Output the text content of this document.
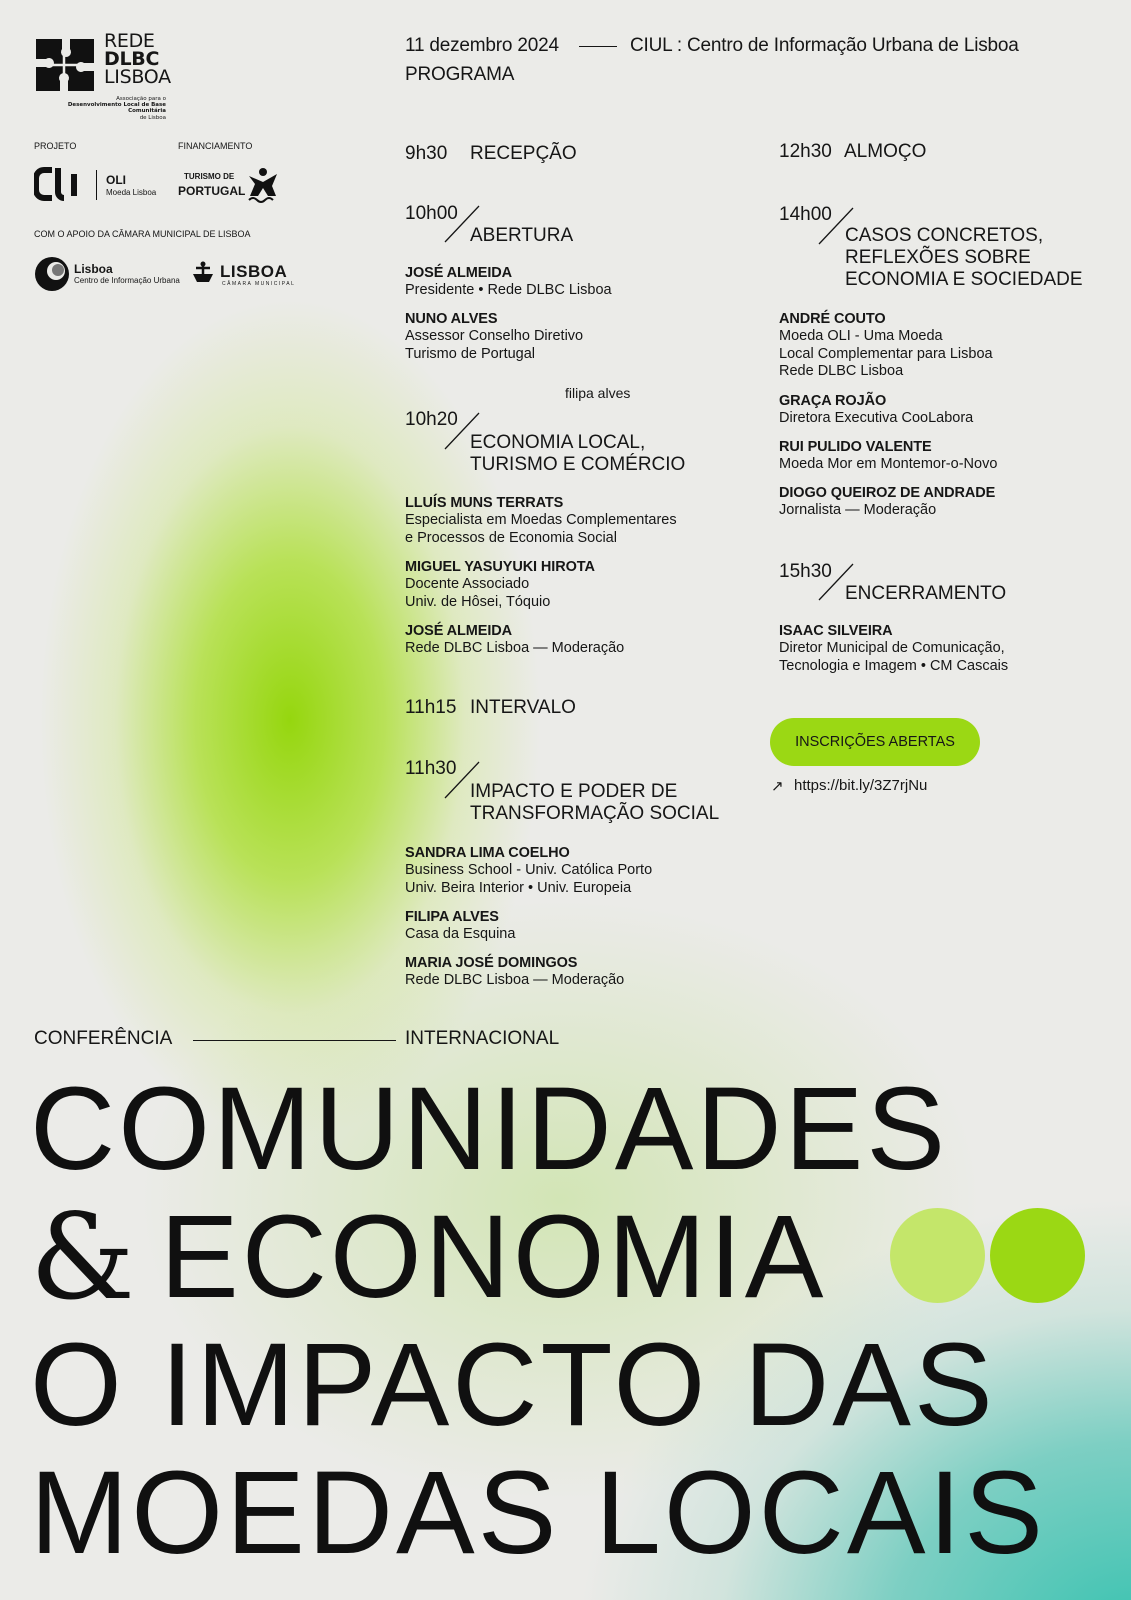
REDE
DLBC
LISBOA
Associação para o
Desenvolvimento Local de Base Comunitária
de Lisboa
PROJETO	FINANCIAMENTO
OLI
Moeda Lisboa
TURISMO DE
PORTUGAL
COM O APOIO DA CÂMARA MUNICIPAL DE LISBOA
Lisboa
Centro de Informação Urbana LISBOA
CÂMARA MUNICIPAL
11 dezembro 2024	CIUL : Centro de Informação Urbana de Lisboa
PROGRAMA
9h30 RECEPÇÃO
10h00
ABERTURA
JOSÉ ALMEIDA
Presidente • Rede DLBC Lisboa
NUNO ALVES
Assessor Conselho Diretivo
Turismo de Portugal
filipa alves
10h20
ECONOMIA LOCAL,
TURISMO E COMÉRCIO
LLUÍS MUNS TERRATS
Especialista em Moedas Complementares
e Processos de Economia Social
MIGUEL YASUYUKI HIROTA
Docente Associado
Univ. de Hôsei, Tóquio
JOSÉ ALMEIDA
Rede DLBC Lisboa — Moderação
11h15 INTERVALO
11h30
IMPACTO E PODER DE
TRANSFORMAÇÃO SOCIAL
SANDRA LIMA COELHO
Business School - Univ. Católica Porto
Univ. Beira Interior • Univ. Europeia
FILIPA ALVES
Casa da Esquina
MARIA JOSÉ DOMINGOS
Rede DLBC Lisboa — Moderação
12h30 ALMOÇO
14h00
CASOS CONCRETOS,
REFLEXÕES SOBRE
ECONOMIA E SOCIEDADE
ANDRÉ COUTO
Moeda OLI - Uma Moeda
Local Complementar para Lisboa
Rede DLBC Lisboa
GRAÇA ROJÃO
Diretora Executiva CooLabora
RUI PULIDO VALENTE
Moeda Mor em Montemor-o-Novo
DIOGO QUEIROZ DE ANDRADE
Jornalista — Moderação
15h30
ENCERRAMENTO
ISAAC SILVEIRA
Diretor Municipal de Comunicação,
Tecnologia e Imagem • CM Cascais
INSCRIÇÕES ABERTAS
↗ https://bit.ly/3Z7rjNu
CONFERÊNCIA	INTERNACIONAL
COMUNIDADES
& ECONOMIA
O IMPACTO DAS
MOEDAS LOCAIS
